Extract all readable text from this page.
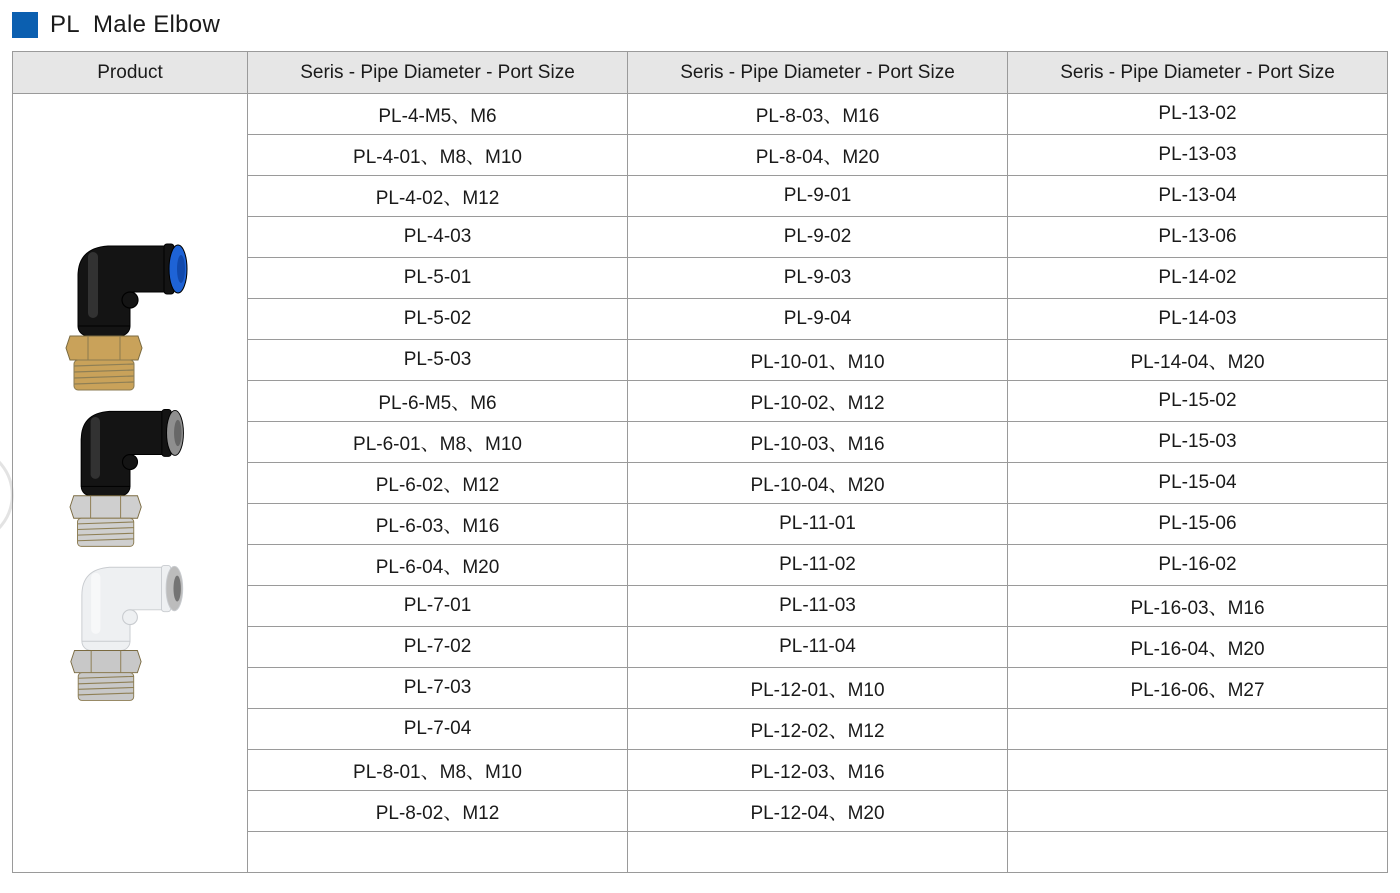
PL Male Elbow
Product	Seris - Pipe Diameter - Port Size	Seris - Pipe Diameter - Port Size	Seris - Pipe Diameter - Port Size

	PL-4-M5、M6	PL-8-03、M16	PL-13-02
	PL-4-01、M8、M10	PL-8-04、M20	PL-13-03
	PL-4-02、M12	PL-9-01	PL-13-04
	PL-4-03	PL-9-02	PL-13-06
	PL-5-01	PL-9-03	PL-14-02
	PL-5-02	PL-9-04	PL-14-03
	PL-5-03	PL-10-01、M10	PL-14-04、M20
	PL-6-M5、M6	PL-10-02、M12	PL-15-02
	PL-6-01、M8、M10	PL-10-03、M16	PL-15-03
	PL-6-02、M12	PL-10-04、M20	PL-15-04
	PL-6-03、M16	PL-11-01	PL-15-06
	PL-6-04、M20	PL-11-02	PL-16-02
	PL-7-01	PL-11-03	PL-16-03、M16
	PL-7-02	PL-11-04	PL-16-04、M20
	PL-7-03	PL-12-01、M10	PL-16-06、M27
	PL-7-04	PL-12-02、M12	
	PL-8-01、M8、M10	PL-12-03、M16	
	PL-8-02、M12	PL-12-04、M20	
